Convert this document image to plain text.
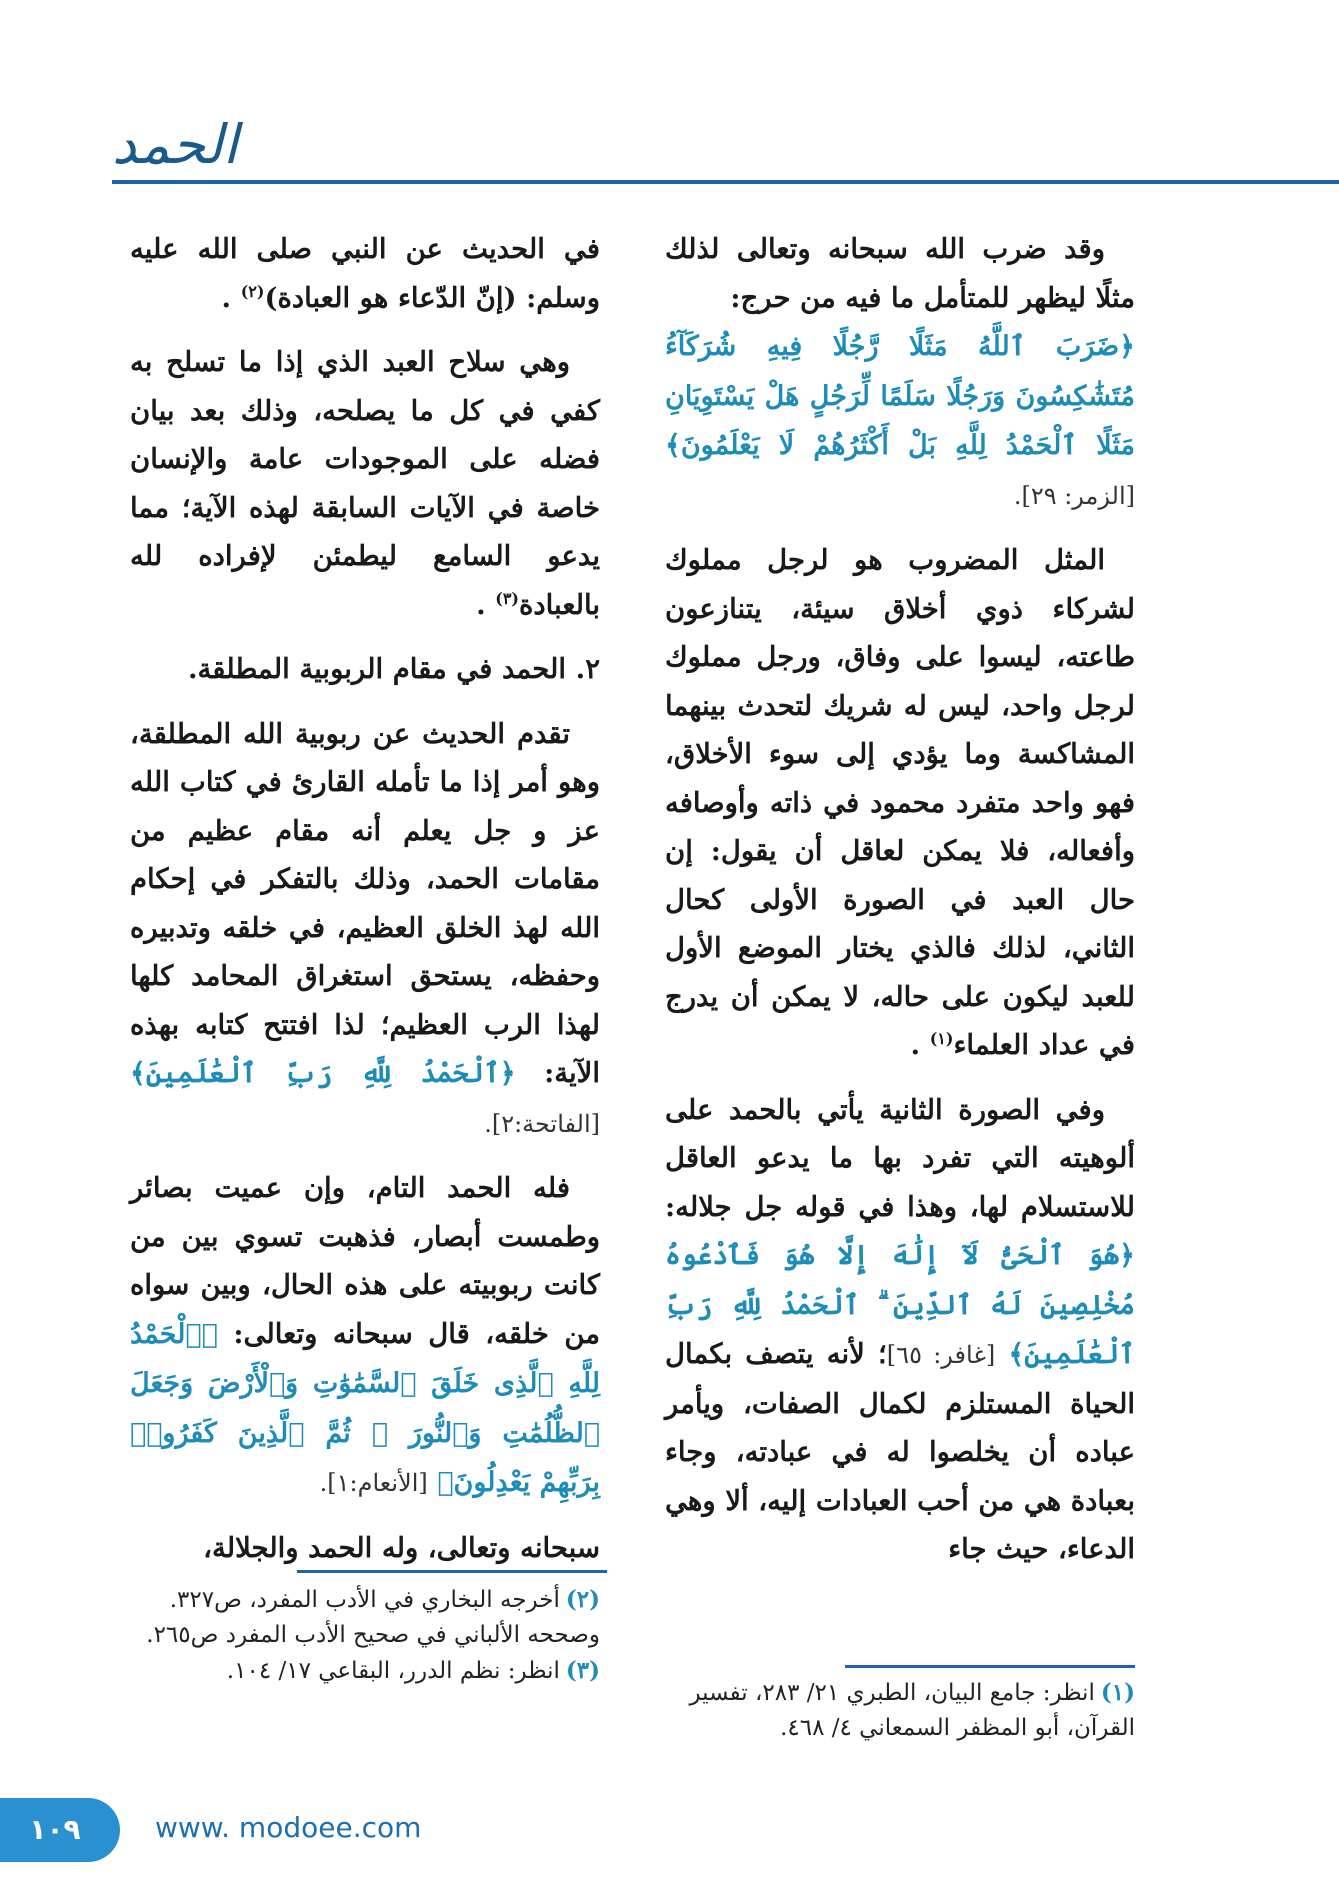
الحمد

وقد ضرب الله سبحانه وتعالى لذلك مثلًا ليظهر للمتأمل ما فيه من حرج:

﴿ضَرَبَ ٱللَّهُ مَثَلًا رَّجُلًا فِيهِ شُرَكَآءُ مُتَشَٰكِسُونَ وَرَجُلًا سَلَمًا لِّرَجُلٍ هَلْ يَسْتَوِيَانِ مَثَلًا ٱلْحَمْدُ لِلَّهِ بَلْ أَكْثَرُهُمْ لَا يَعْلَمُونَ﴾ [الزمر: ٢٩].

المثل المضروب هو لرجل مملوك لشركاء ذوي أخلاق سيئة، يتنازعون طاعته، ليسوا على وفاق، ورجل مملوك لرجل واحد، ليس له شريك لتحدث بينهما المشاكسة وما يؤدي إلى سوء الأخلاق، فهو واحد متفرد محمود في ذاته وأوصافه وأفعاله، فلا يمكن لعاقل أن يقول: إن حال العبد في الصورة الأولى كحال الثاني، لذلك فالذي يختار الموضع الأول للعبد ليكون على حاله، لا يمكن أن يدرج في عداد العلماء$^{(١)}$ .

وفي الصورة الثانية يأتي بالحمد على ألوهيته التي تفرد بها ما يدعو العاقل للاستسلام لها، وهذا في قوله جل جلاله: ﴿هُوَ ٱلْحَىُّ لَآ إِلَٰهَ إِلَّا هُوَ فَٱدْعُوهُ مُخْلِصِينَ لَهُ ٱلدِّينَ ۗ ٱلْحَمْدُ لِلَّهِ رَبِّ ٱلْعَٰلَمِينَ﴾ [غافر: ٦٥]؛ لأنه يتصف بكمال الحياة المستلزم لكمال الصفات، ويأمر عباده أن يخلصوا له في عبادته، وجاء بعبادة هي من أحب العبادات إليه، ألا وهي الدعاء، حيث جاء

في الحديث عن النبي صلى الله عليه وسلم: (إنّ الدّعاء هو العبادة)$^{(٢)}$ .

وهي سلاح العبد الذي إذا ما تسلح به كفي في كل ما يصلحه، وذلك بعد بيان فضله على الموجودات عامة والإنسان خاصة في الآيات السابقة لهذه الآية؛ مما يدعو السامع ليطمئن لإفراده لله بالعبادة$^{(٣)}$ .

٢. الحمد في مقام الربوبية المطلقة.

تقدم الحديث عن ربوبية الله المطلقة، وهو أمر إذا ما تأمله القارئ في كتاب الله عز و جل يعلم أنه مقام عظيم من مقامات الحمد، وذلك بالتفكر في إحكام الله لهذ الخلق العظيم، في خلقه وتدبيره وحفظه، يستحق استغراق المحامد كلها لهذا الرب العظيم؛ لذا افتتح كتابه بهذه الآية: ﴿ٱلْحَمْدُ لِلَّهِ رَبِّ ٱلْعَٰلَمِينَ﴾ [الفاتحة:٢].

فله الحمد التام، وإن عميت بصائر وطمست أبصار، فذهبت تسوي بين من كانت ربوبيته على هذه الحال، وبين سواه من خلقه، قال سبحانه وتعالى: ﴿ٱلْحَمْدُ لِلَّهِ ٱلَّذِى خَلَقَ ٱلسَّمَٰوَٰتِ وَٱلْأَرْضَ وَجَعَلَ ٱلظُّلُمَٰتِ وَٱلنُّورَ ۖ ثُمَّ ٱلَّذِينَ كَفَرُوا۟ بِرَبِّهِمْ يَعْدِلُونَ﴾ [الأنعام:١].

سبحانه وتعالى، وله الحمد والجلالة،

(١)انظر: جامع البيان، الطبري ٢١/ ٢٨٣، تفسير القرآن، أبو المظفر السمعاني ٤/ ٤٦٨.

(٢)أخرجه البخاري في الأدب المفرد، ص٣٢٧. وصححه الألباني في صحيح الأدب المفرد ص٢٦٥.

(٣)انظر: نظم الدرر، البقاعي ١٧/ ١٠٤.

١٠٩	www. modoee.com
